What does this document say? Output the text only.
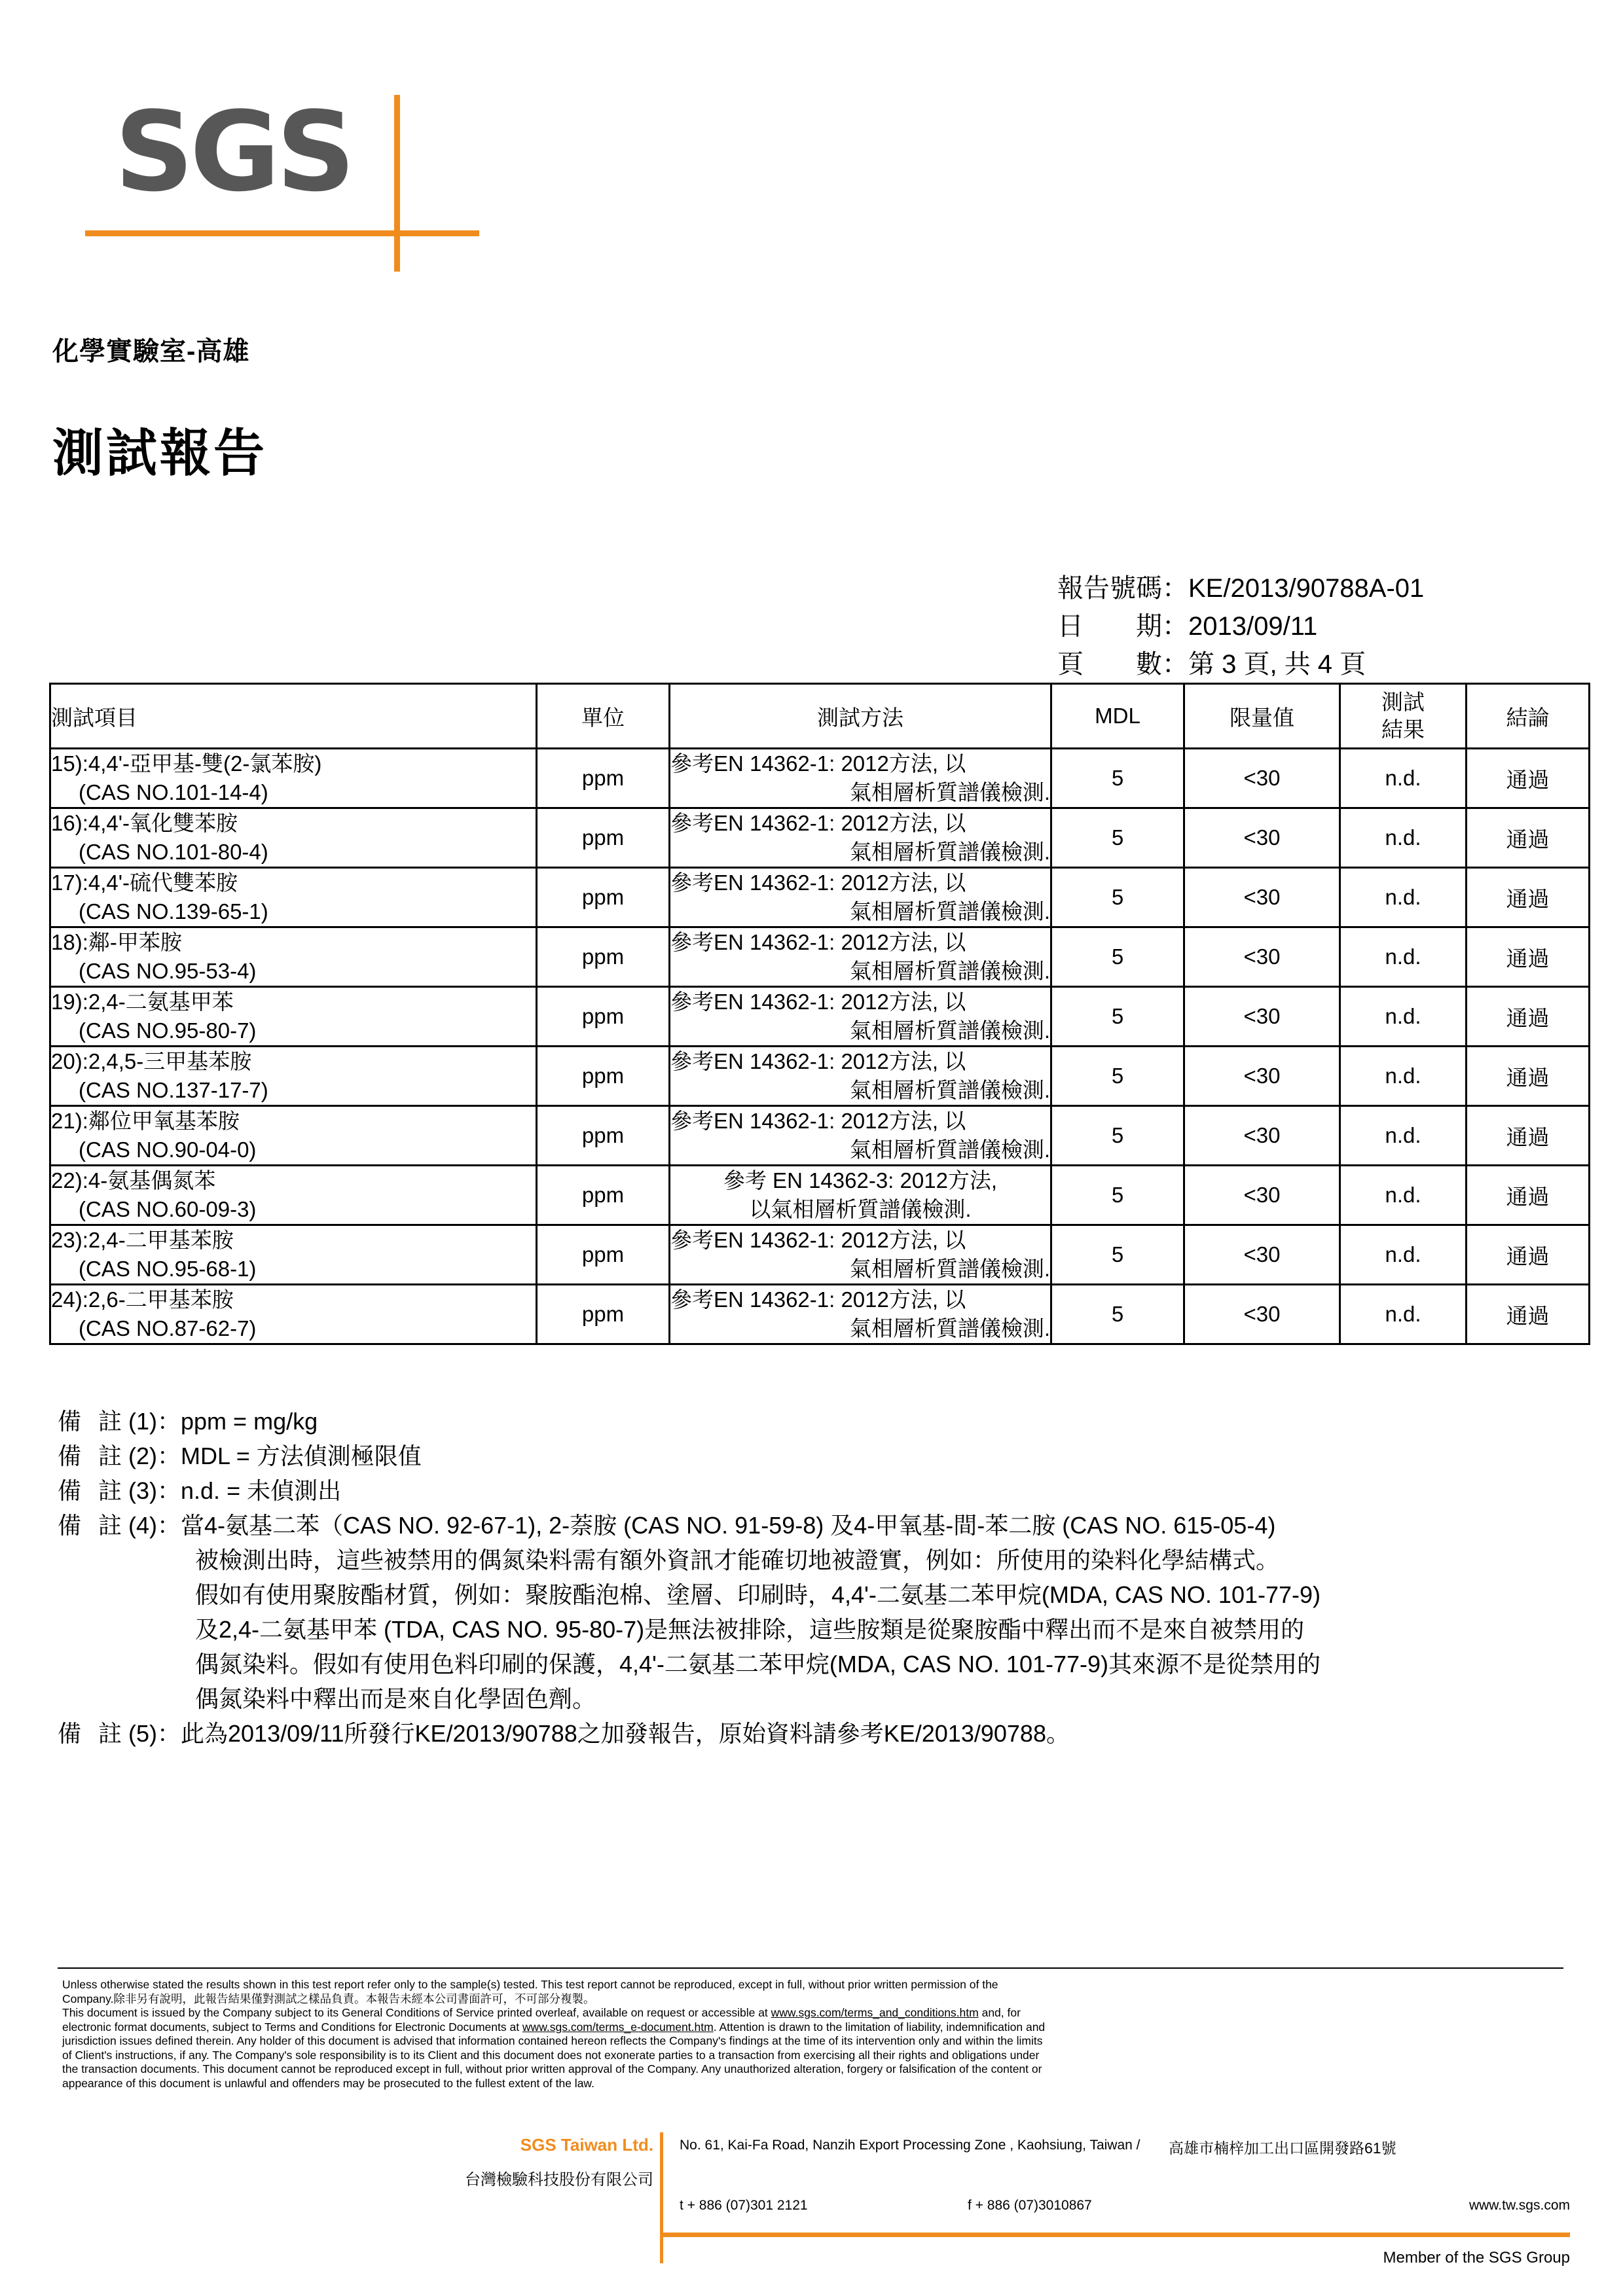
SGS
化學實驗室-高雄
測試報告
報告號碼：KE/2013/90788A-01
日　　期：2013/09/11
頁　　數：第 3 頁, 共 4 頁
測試項目	單位	測試方法	MDL	限量值	測試
結果	結論

15):4,4'-亞甲基-雙(2-氯苯胺)
(CAS NO.101-14-4)	ppm	參考EN 14362-1: 2012方法, 以
氣相層析質譜儀檢測.	5	<30	n.d.	通過

16):4,4'-氧化雙苯胺
(CAS NO.101-80-4)	ppm	參考EN 14362-1: 2012方法, 以
氣相層析質譜儀檢測.	5	<30	n.d.	通過

17):4,4'-硫代雙苯胺
(CAS NO.139-65-1)	ppm	參考EN 14362-1: 2012方法, 以
氣相層析質譜儀檢測.	5	<30	n.d.	通過

18):鄰-甲苯胺
(CAS NO.95-53-4)	ppm	參考EN 14362-1: 2012方法, 以
氣相層析質譜儀檢測.	5	<30	n.d.	通過

19):2,4-二氨基甲苯
(CAS NO.95-80-7)	ppm	參考EN 14362-1: 2012方法, 以
氣相層析質譜儀檢測.	5	<30	n.d.	通過

20):2,4,5-三甲基苯胺
(CAS NO.137-17-7)	ppm	參考EN 14362-1: 2012方法, 以
氣相層析質譜儀檢測.	5	<30	n.d.	通過

21):鄰位甲氧基苯胺
(CAS NO.90-04-0)	ppm	參考EN 14362-1: 2012方法, 以
氣相層析質譜儀檢測.	5	<30	n.d.	通過

22):4-氨基偶氮苯
(CAS NO.60-09-3)	ppm	參考 EN 14362-3: 2012方法,
以氣相層析質譜儀檢測.	5	<30	n.d.	通過

23):2,4-二甲基苯胺
(CAS NO.95-68-1)	ppm	參考EN 14362-1: 2012方法, 以
氣相層析質譜儀檢測.	5	<30	n.d.	通過

24):2,6-二甲基苯胺
(CAS NO.87-62-7)	ppm	參考EN 14362-1: 2012方法, 以
氣相層析質譜儀檢測.	5	<30	n.d.	通過
備註 (1)：ppm = mg/kg
備註 (2)：MDL = 方法偵測極限值
備註 (3)：n.d. = 未偵測出
備註 (4)：當4-氨基二苯（CAS NO. 92-67-1), 2-萘胺 (CAS NO. 91-59-8) 及4-甲氧基-間-苯二胺 (CAS NO. 615-05-4)
被檢測出時，這些被禁用的偶氮染料需有額外資訊才能確切地被證實，例如：所使用的染料化學結構式。
假如有使用聚胺酯材質，例如：聚胺酯泡棉、塗層、印刷時，4,4'-二氨基二苯甲烷(MDA, CAS NO. 101-77-9)
及2,4-二氨基甲苯 (TDA, CAS NO. 95-80-7)是無法被排除，這些胺類是從聚胺酯中釋出而不是來自被禁用的
偶氮染料。假如有使用色料印刷的保護，4,4'-二氨基二苯甲烷(MDA, CAS NO. 101-77-9)其來源不是從禁用的
偶氮染料中釋出而是來自化學固色劑。
備註 (5)：此為2013/09/11所發行KE/2013/90788之加發報告，原始資料請參考KE/2013/90788。

Unless otherwise stated the results shown in this test report refer only to the sample(s) tested. This test report cannot be reproduced, except in full, without prior written permission of the

Company.除非另有說明，此報告結果僅對測試之樣品負責。本報告未經本公司書面許可，不可部分複製。

This document is issued by the Company subject to its General Conditions of Service printed overleaf, available on request or accessible at www.sgs.com/terms_and_conditions.htm and, for

electronic format documents, subject to Terms and Conditions for Electronic Documents at www.sgs.com/terms_e-document.htm. Attention is drawn to the limitation of liability, indemnification and

jurisdiction issues defined therein. Any holder of this document is advised that information contained hereon reflects the Company's findings at the time of its intervention only and within the limits

of Client's instructions, if any. The Company's sole responsibility is to its Client and this document does not exonerate parties to a transaction from exercising all their rights and obligations under

the transaction documents. This document cannot be reproduced except in full, without prior written approval of the Company. Any unauthorized alteration, forgery or falsification of the content or

appearance of this document is unlawful and offenders may be prosecuted to the fullest extent of the law.

SGS Taiwan Ltd.
台灣檢驗科技股份有限公司
No. 61, Kai-Fa Road, Nanzih Export Processing Zone , Kaohsiung, Taiwan / 高雄市楠梓加工出口區開發路61號
t + 886 (07)301 2121	f + 886 (07)3010867	www.tw.sgs.com
Member of the SGS Group
